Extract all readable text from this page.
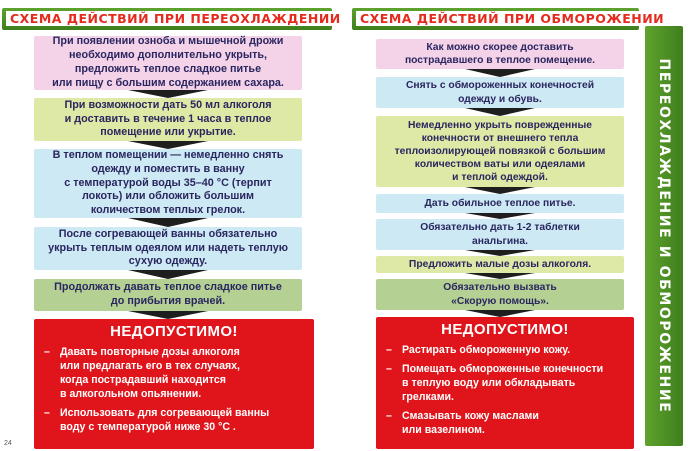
СХЕМА ДЕЙСТВИЙ ПРИ ПЕРЕОХЛАЖДЕНИИ
При появлении озноба и мышечной дрожи
необходимо дополнительно укрыть,
предложить теплое сладкое питье
или пищу с большим содержанием сахара.
При возможности дать 50 мл алкоголя
и доставить в течение 1 часа в теплое
помещение или укрытие.
В теплом помещении — немедленно снять
одежду и поместить в ванну
с температурой воды 35–40 °С (терпит
локоть) или обложить большим
количеством теплых грелок.
После согревающей ванны обязательно
укрыть теплым одеялом или надеть теплую
сухую одежду.
Продолжать давать теплое сладкое питье
до прибытия врачей.
НЕДОПУСТИМО!
– Давать повторные дозы алкоголя
или предлагать его в тех случаях,
когда пострадавший находится
в алкогольном опьянении.
– Использовать для согревающей ванны
воду с температурой ниже 30 °С .
СХЕМА ДЕЙСТВИЙ ПРИ ОБМОРОЖЕНИИ
Как можно скорее доставить
пострадавшего в теплое помещение.
Снять с обмороженных конечностей
одежду и обувь.
Немедленно укрыть поврежденные
конечности от внешнего тепла
теплоизолирующей повязкой с большим
количеством ваты или одеялами
и теплой одеждой.
Дать обильное теплое питье.
Обязательно дать 1-2 таблетки
анальгина.
Предложить малые дозы алкоголя.
Обязательно вызвать
«Скорую помощь».
НЕДОПУСТИМО!
– Растирать обмороженную кожу.
– Помещать обмороженные конечности
в теплую воду или обкладывать
грелками.
– Смазывать кожу маслами
или вазелином.
ПЕРЕОХЛАЖДЕНИЕ И ОБМОРОЖЕНИЕ
24
